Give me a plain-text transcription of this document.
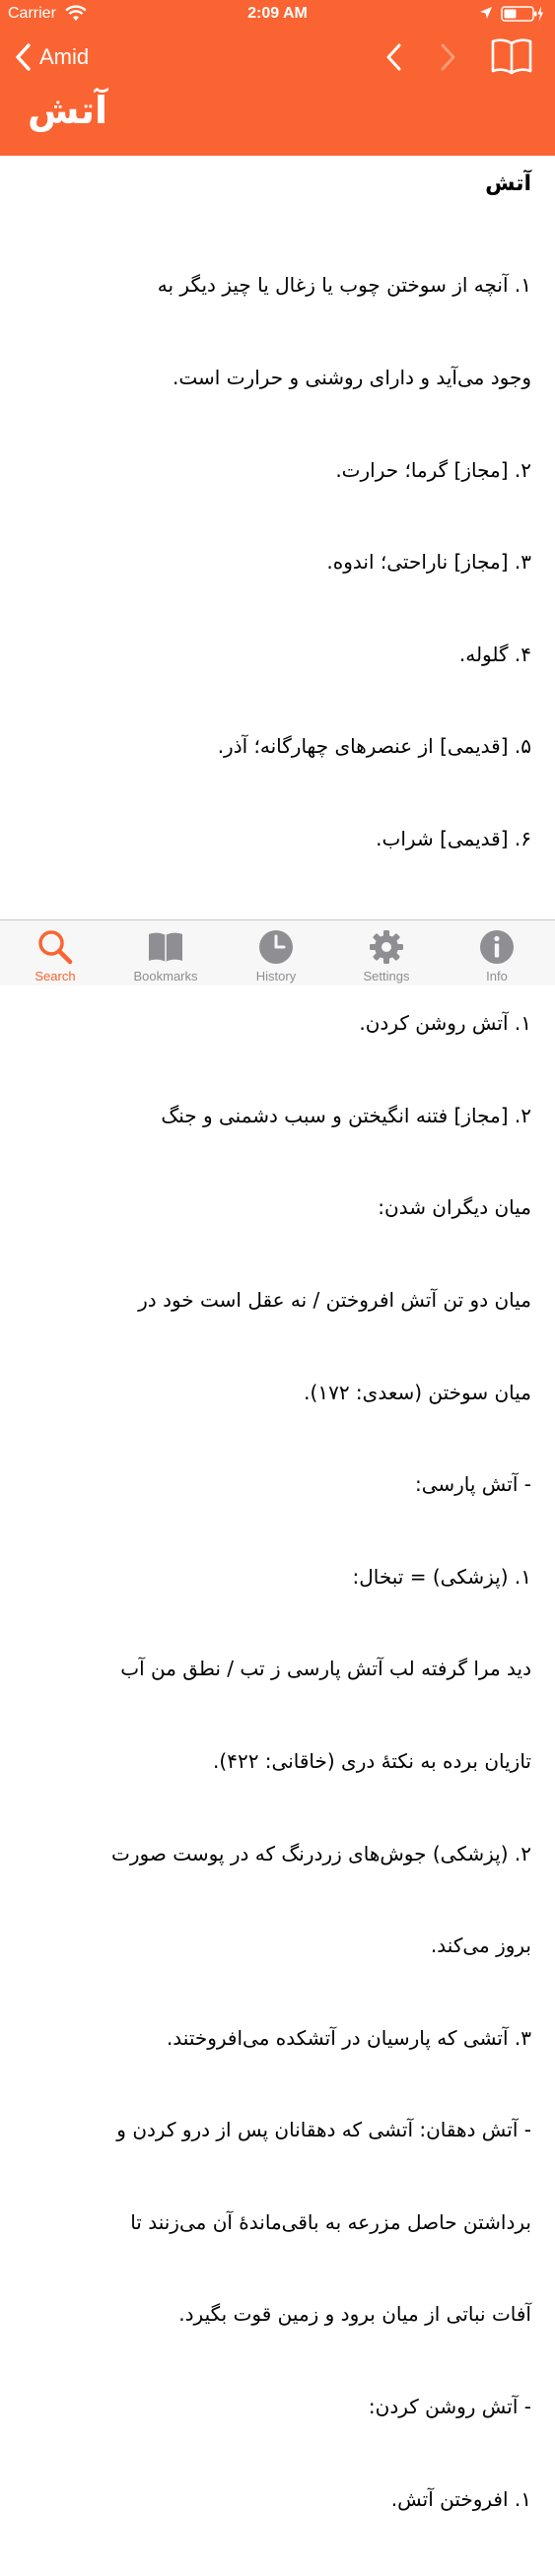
Carrier	2:09 AM
Amid
آتش
آتش

۱. آنچه از سوختن چوب یا زغال یا چیز دیگر به

وجود می‌آید و دارای روشنی و حرارت است.

۲. [مجاز] گرما؛ حرارت.

۳. [مجاز] ناراحتی؛ اندوه.

۴. گلوله.

۵. [قدیمی] از عنصرهای چهارگانه؛ آذر.

۶. [قدیمی] شراب.

۱. آتش روشن کردن.

۲. [مجاز] فتنه انگیختن و سبب دشمنی و جنگ

میان دیگران شدن:

میان دو تن آتش افروختن / نه عقل است خود در

میان سوختن (سعدی: ۱۷۲).

- آتش پارسی:

۱. (پزشکی) = تبخال:

دید مرا گرفته لب آتش پارسی ز تب / نطق من آب

تازیان برده به نکتهٔ دری (خاقانی: ۴۲۲).

۲. (پزشکی) جوش‌های زردرنگ که در پوست صورت

بروز می‌کند.

۳. آتشی که پارسیان در آتشکده می‌افروختند.

- آتش دهقان: آتشی که دهقانان پس از درو کردن و

برداشتن حاصل مزرعه به باقی‌ماندهٔ آن می‌زنند تا

آفات نباتی از میان برود و زمین قوت بگیرد.

- آتش روشن کردن:

۱. افروختن آتش.

Search	Bookmarks	History	Settings	Info
